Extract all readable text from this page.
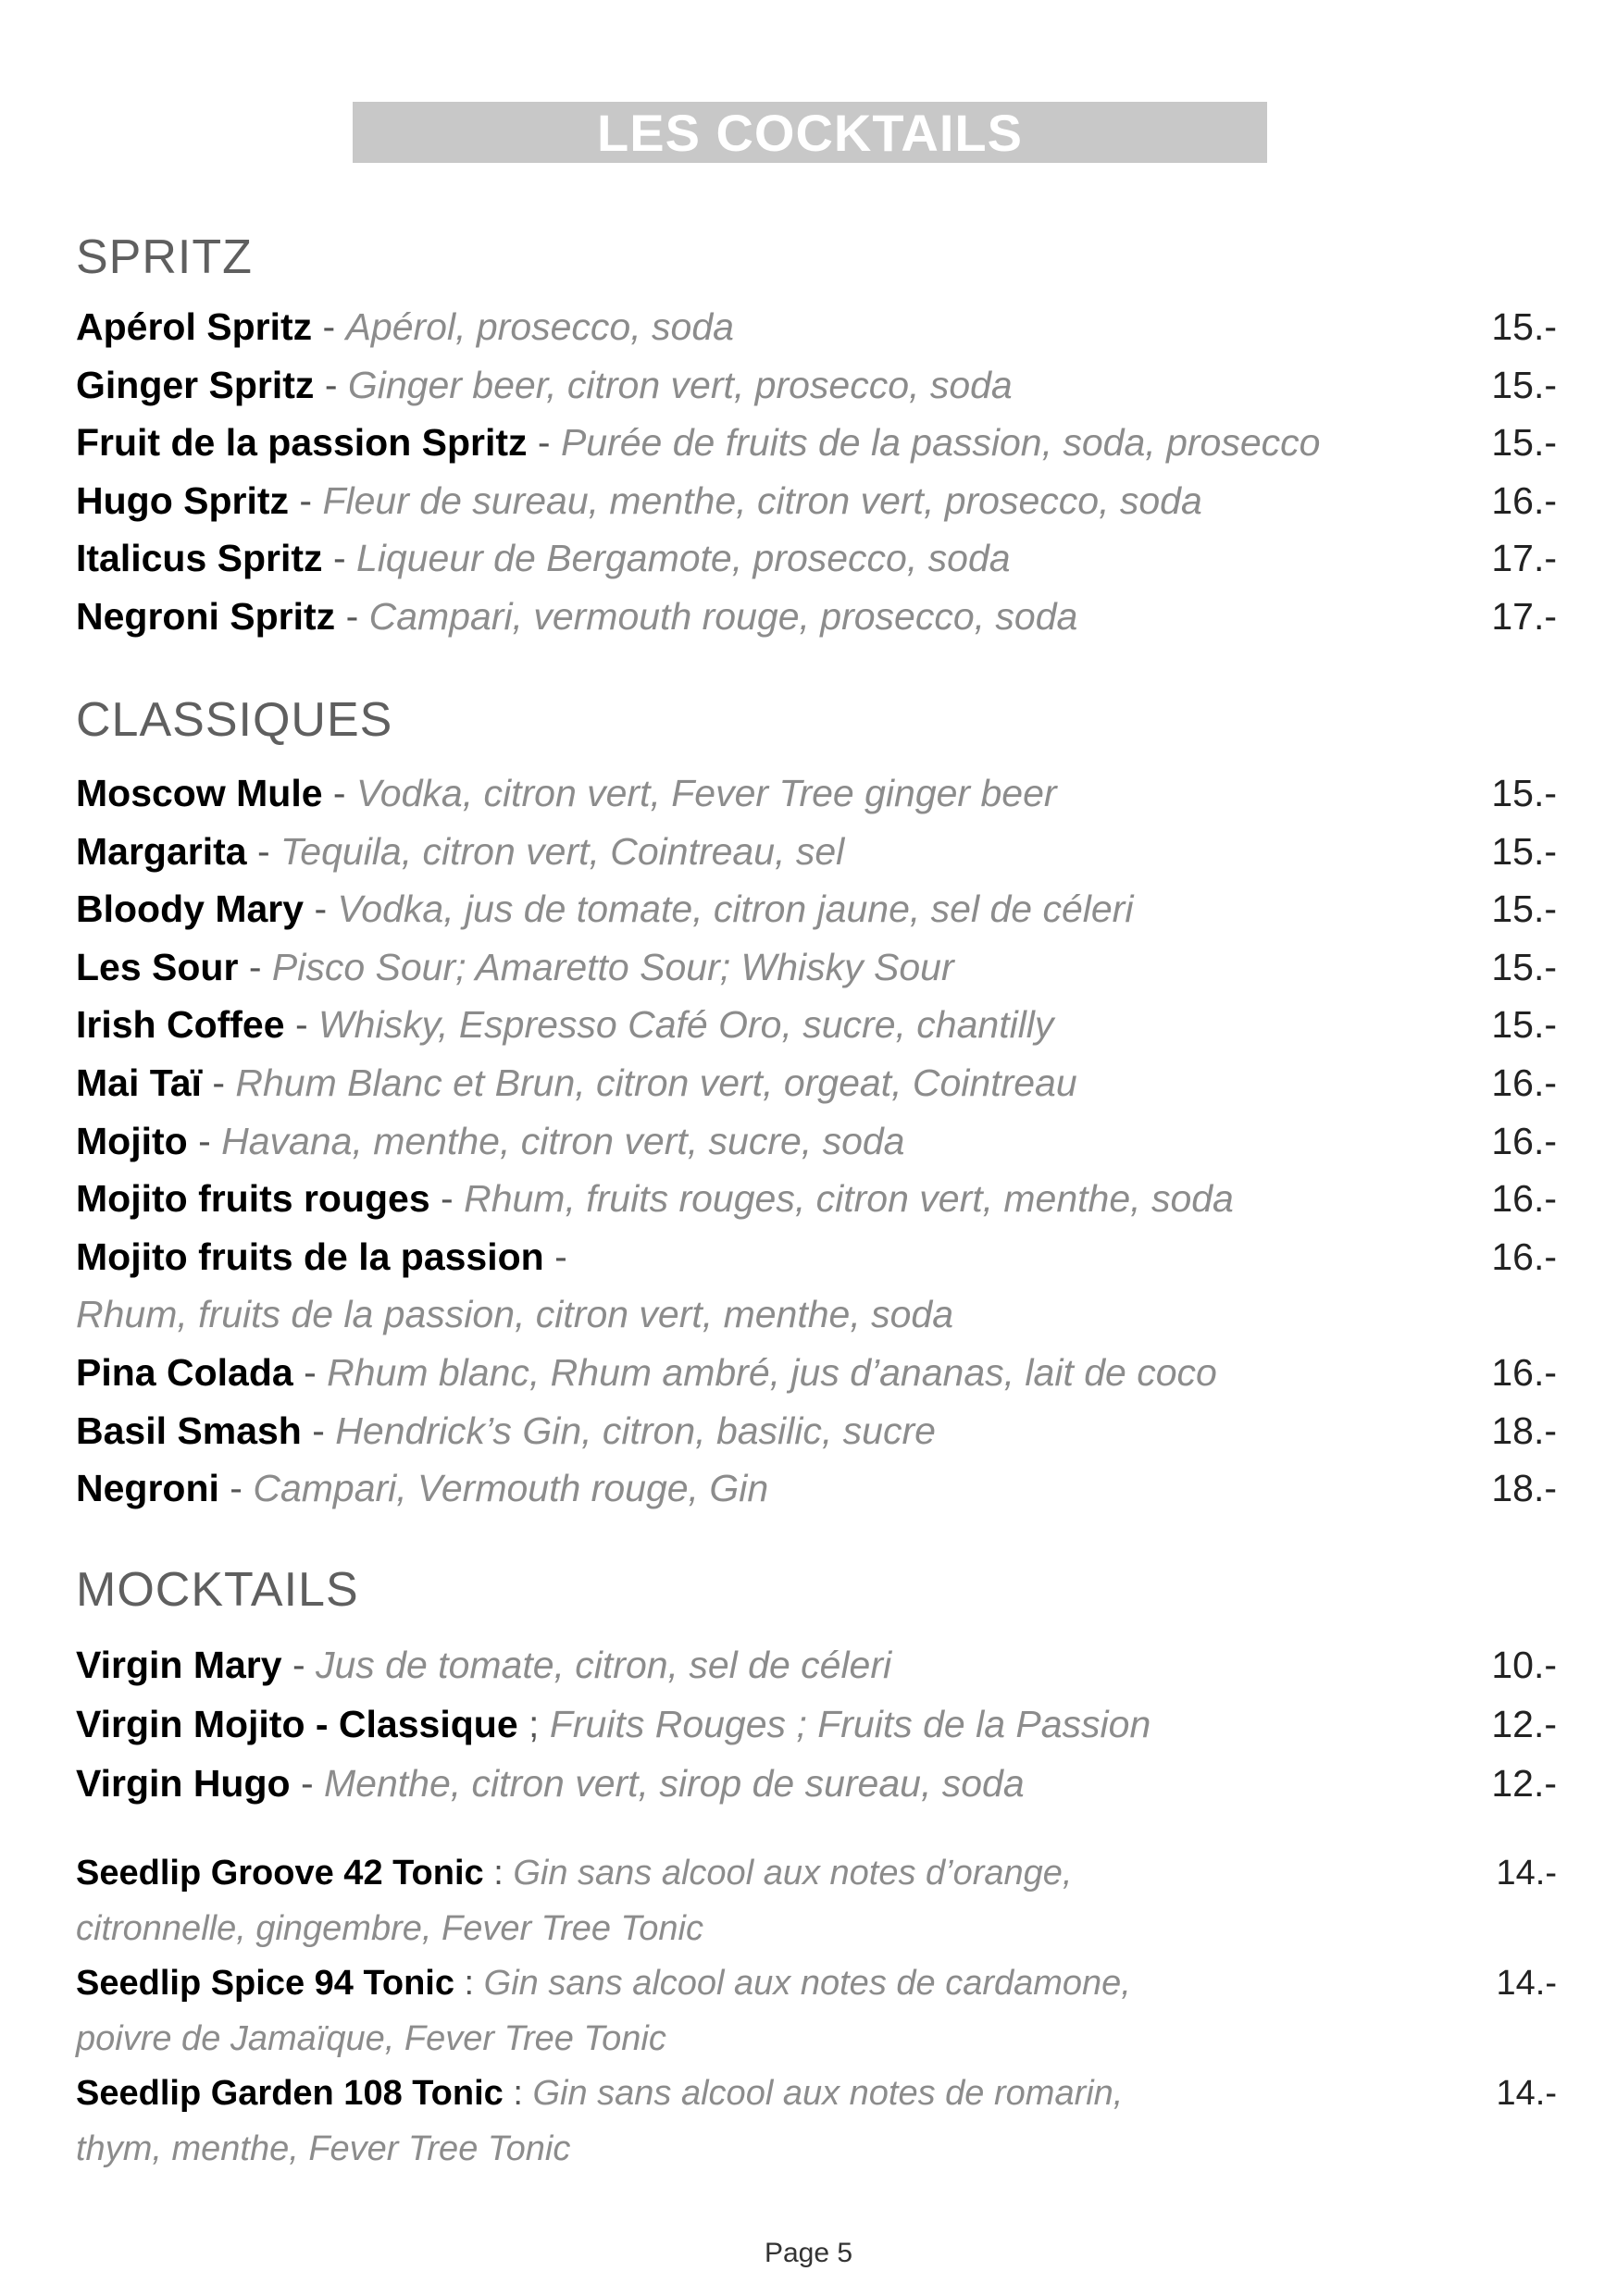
LES COCKTAILS
SPRITZ
Apérol Spritz - Apérol, prosecco, soda	15.-
Ginger Spritz - Ginger beer, citron vert, prosecco, soda	15.-
Fruit de la passion Spritz - Purée de fruits de la passion, soda, prosecco	15.-
Hugo Spritz - Fleur de sureau, menthe, citron vert, prosecco, soda	16.-
Italicus Spritz - Liqueur de Bergamote, prosecco, soda	17.-
Negroni Spritz - Campari, vermouth rouge, prosecco, soda	17.-
CLASSIQUES
Moscow Mule - Vodka, citron vert, Fever Tree ginger beer	15.-
Margarita - Tequila, citron vert, Cointreau, sel	15.-
Bloody Mary - Vodka, jus de tomate, citron jaune, sel de céleri	15.-
Les Sour - Pisco Sour; Amaretto Sour; Whisky Sour	15.-
Irish Coffee - Whisky, Espresso Café Oro, sucre, chantilly	15.-
Mai Taï - Rhum Blanc et Brun, citron vert, orgeat, Cointreau	16.-
Mojito - Havana, menthe, citron vert, sucre, soda	16.-
Mojito fruits rouges - Rhum, fruits rouges, citron vert, menthe, soda	16.-
Mojito fruits de la passion -	16.-
Rhum, fruits de la passion, citron vert, menthe, soda
Pina Colada - Rhum blanc, Rhum ambré, jus d’ananas, lait de coco	16.-
Basil Smash - Hendrick’s Gin, citron, basilic, sucre	18.-
Negroni - Campari, Vermouth rouge, Gin	18.-
MOCKTAILS
Virgin Mary - Jus de tomate, citron, sel de céleri	10.-
Virgin Mojito - Classique ; Fruits Rouges ; Fruits de la Passion	12.-
Virgin Hugo - Menthe, citron vert, sirop de sureau, soda	12.-
Seedlip Groove 42 Tonic : Gin sans alcool aux notes d’orange,	14.-
citronnelle, gingembre, Fever Tree Tonic
Seedlip Spice 94 Tonic : Gin sans alcool aux notes de cardamone,	14.-
poivre de Jamaïque, Fever Tree Tonic
Seedlip Garden 108 Tonic : Gin sans alcool aux notes de romarin,	14.-
thym, menthe, Fever Tree Tonic
Page 5
